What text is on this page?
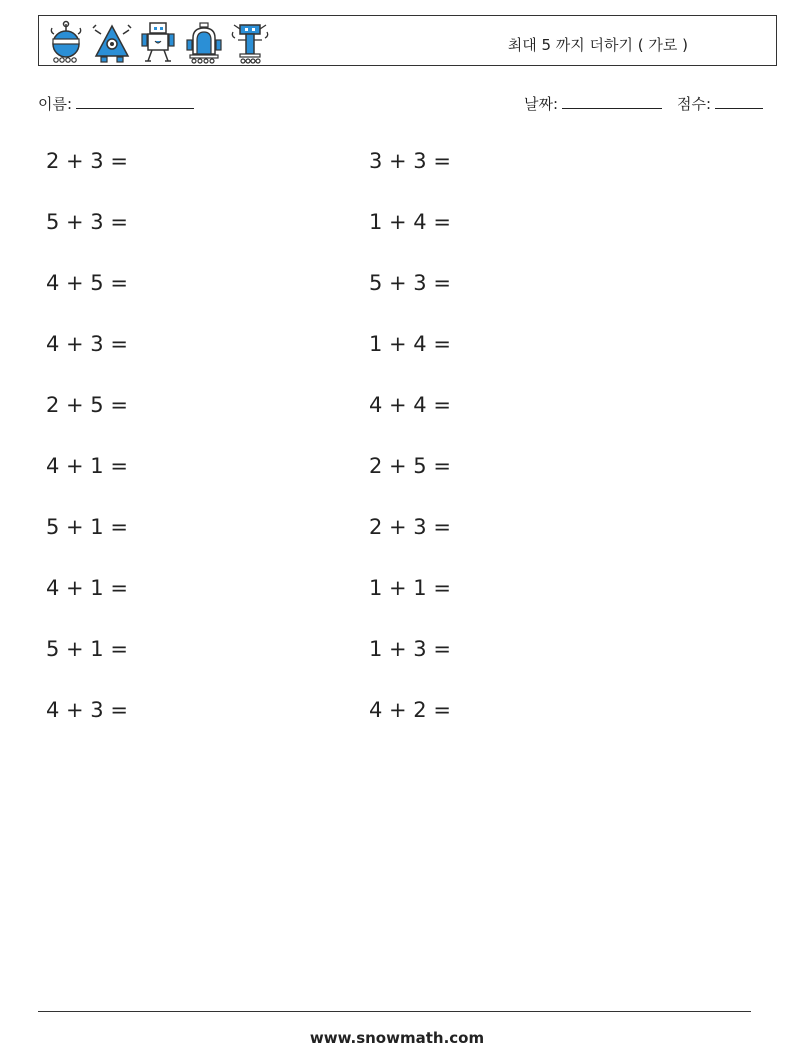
최대 5 까지 더하기 ( 가로 )
이름:	날짜:	점수:
2 + 3 =	3 + 3 =
5 + 3 =	1 + 4 =
4 + 5 =	5 + 3 =
4 + 3 =	1 + 4 =
2 + 5 =	4 + 4 =
4 + 1 =	2 + 5 =
5 + 1 =	2 + 3 =
4 + 1 =	1 + 1 =
5 + 1 =	1 + 3 =
4 + 3 =	4 + 2 =
www.snowmath.com
